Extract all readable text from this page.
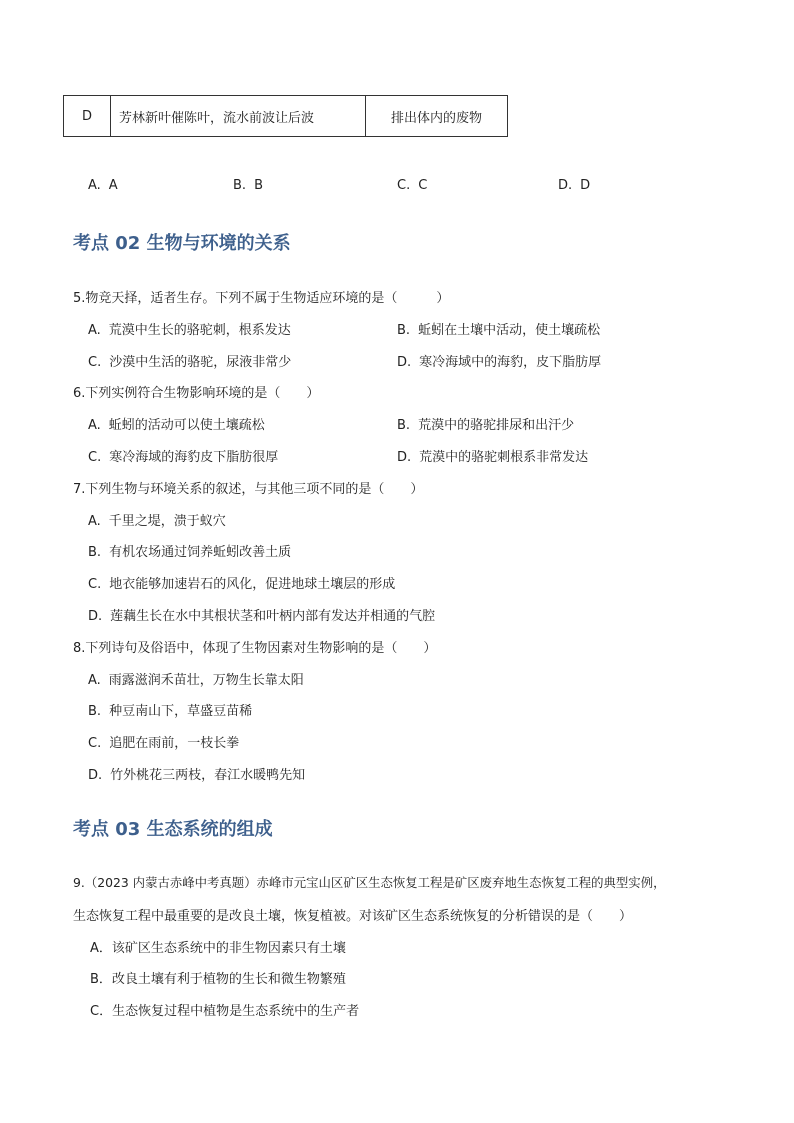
D	芳林新叶催陈叶，流水前波让后波	排出体内的废物
A. A	B. B	C. C	D. D
考点 02 生物与环境的关系
5.物竞天择，适者生存。下列不属于生物适应环境的是（　　　）
A. 荒漠中生长的骆驼刺，根系发达	B. 蚯蚓在土壤中活动，使土壤疏松
C. 沙漠中生活的骆驼，尿液非常少	D. 寒冷海域中的海豹，皮下脂肪厚
6.下列实例符合生物影响环境的是（　　）
A. 蚯蚓的活动可以使土壤疏松	B. 荒漠中的骆驼排尿和出汗少
C. 寒冷海域的海豹皮下脂肪很厚	D. 荒漠中的骆驼刺根系非常发达
7.下列生物与环境关系的叙述，与其他三项不同的是（　　）
A. 千里之堤，溃于蚁穴
B. 有机农场通过饲养蚯蚓改善土质
C. 地衣能够加速岩石的风化，促进地球土壤层的形成
D. 莲藕生长在水中其根状茎和叶柄内部有发达并相通的气腔
8.下列诗句及俗语中，体现了生物因素对生物影响的是（　　）
A. 雨露滋润禾苗壮，万物生长靠太阳
B. 种豆南山下，草盛豆苗稀
C. 追肥在雨前，一枝长拳
D. 竹外桃花三两枝，春江水暖鸭先知
考点 03 生态系统的组成
9.（2023 内蒙古赤峰中考真题）赤峰市元宝山区矿区生态恢复工程是矿区废弃地生态恢复工程的典型实例，
生态恢复工程中最重要的是改良土壤，恢复植被。对该矿区生态系统恢复的分析错误的是（　　）
A．该矿区生态系统中的非生物因素只有土壤
B．改良土壤有利于植物的生长和微生物繁殖
C．生态恢复过程中植物是生态系统中的生产者
